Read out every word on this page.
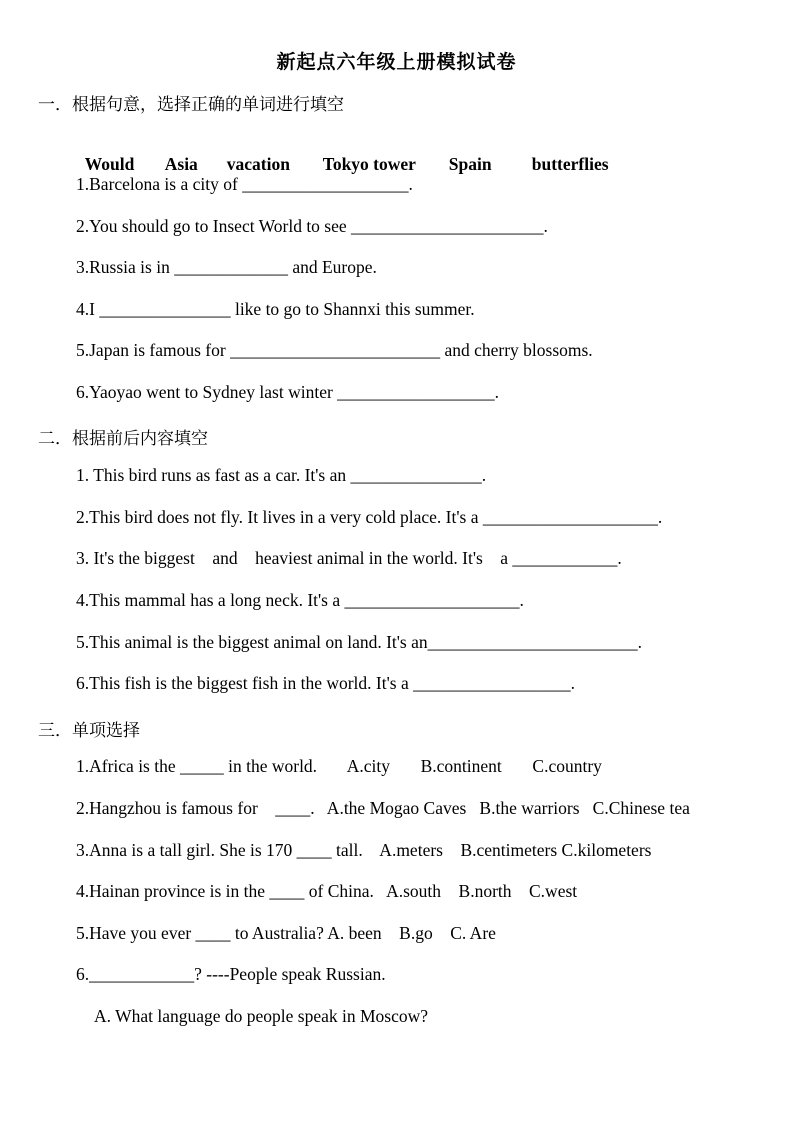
新起点六年级上册模拟试卷
一．根据句意，选择正确的单词进行填空

Would Asia vacation Tokyo tower Spain butterflies

1.Barcelona is a city of ___________________.
2.You should go to Insect World to see ______________________.
3.Russia is in _____________ and Europe.
4.I _______________ like to go to Shannxi this summer.
5.Japan is famous for ________________________ and cherry blossoms.
6.Yaoyao went to Sydney last winter __________________.
二．根据前后内容填空
1. This bird runs as fast as a car. It's an _______________.
2.This bird does not fly. It lives in a very cold place. It's a ____________________.
3. It's the biggest    and    heaviest animal in the world. It's    a ____________.
4.This mammal has a long neck. It's a ____________________.
5.This animal is the biggest animal on land. It's an________________________.
6.This fish is the biggest fish in the world. It's a __________________.
三．单项选择
1.Africa is the _____ in the world.       A.city       B.continent       C.country
2.Hangzhou is famous for    ____.   A.the Mogao Caves   B.the warriors   C.Chinese tea
3.Anna is a tall girl. She is 170 ____ tall.    A.meters    B.centimeters C.kilometers
4.Hainan province is in the ____ of China.   A.south    B.north    C.west
5.Have you ever ____ to Australia? A. been    B.go    C. Are
6.____________? ----People speak Russian.
A. What language do people speak in Moscow?
